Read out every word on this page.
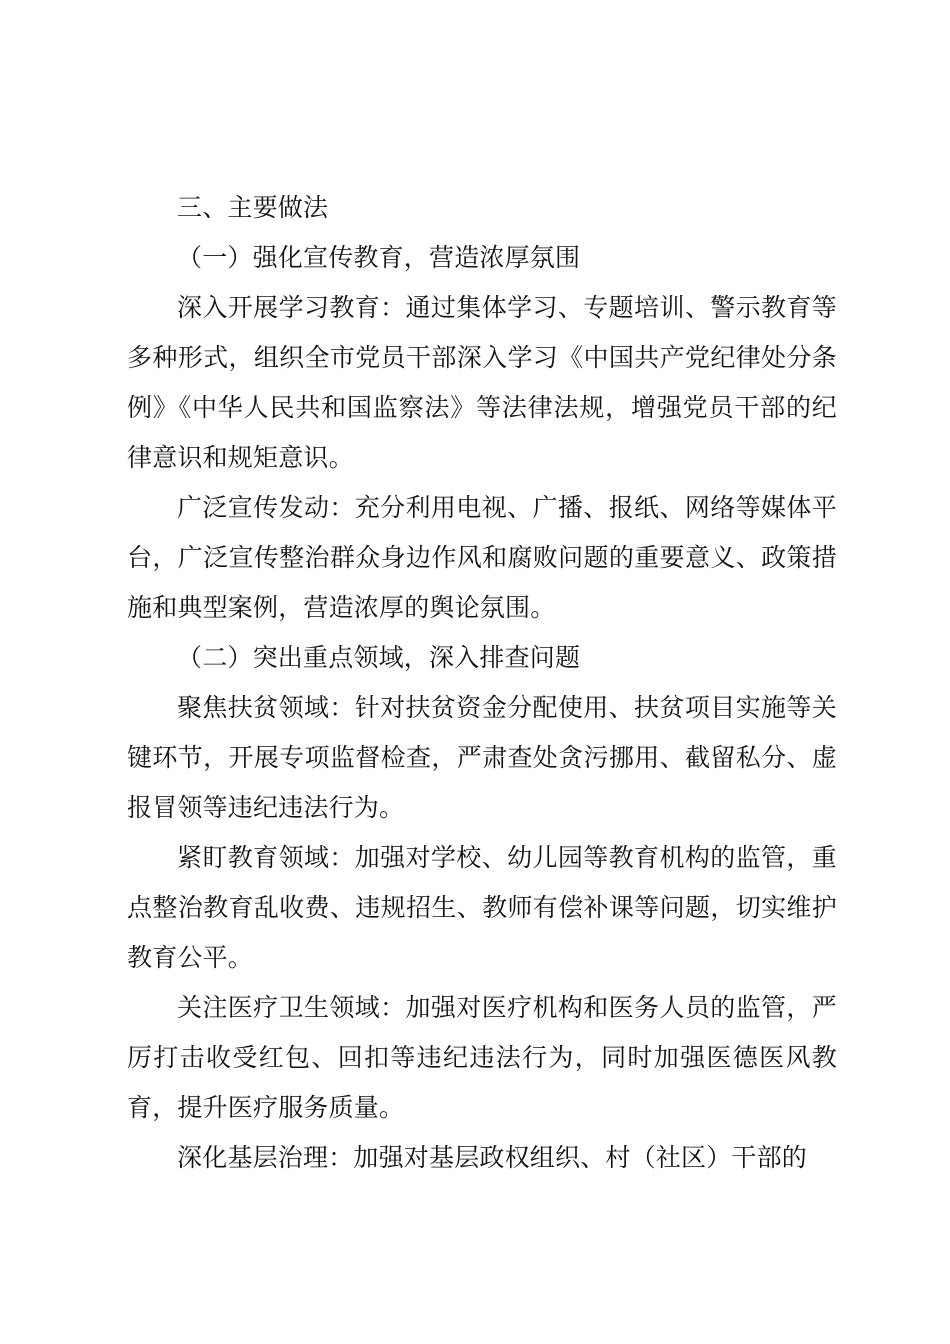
三、主要做法

（一）强化宣传教育，营造浓厚氛围

深入开展学习教育：通过集体学习、专题培训、警示教育等多种形式，组织全市党员干部深入学习《中国共产党纪律处分条例》《中华人民共和国监察法》等法律法规，增强党员干部的纪律意识和规矩意识。

广泛宣传发动：充分利用电视、广播、报纸、网络等媒体平台，广泛宣传整治群众身边作风和腐败问题的重要意义、政策措施和典型案例，营造浓厚的舆论氛围。

（二）突出重点领域，深入排查问题

聚焦扶贫领域：针对扶贫资金分配使用、扶贫项目实施等关键环节，开展专项监督检查，严肃查处贪污挪用、截留私分、虚报冒领等违纪违法行为。

紧盯教育领域：加强对学校、幼儿园等教育机构的监管，重点整治教育乱收费、违规招生、教师有偿补课等问题，切实维护教育公平。

关注医疗卫生领域：加强对医疗机构和医务人员的监管，严厉打击收受红包、回扣等违纪违法行为，同时加强医德医风教育，提升医疗服务质量。

深化基层治理：加强对基层政权组织、村（社区）干部的
